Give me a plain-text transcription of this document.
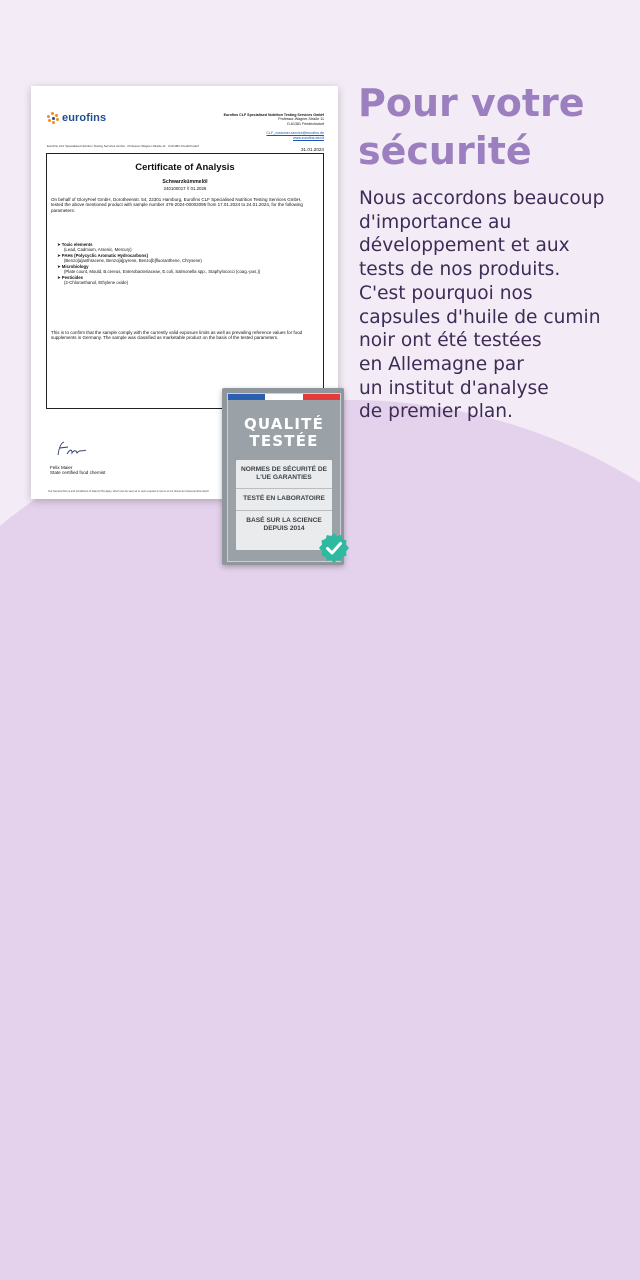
eurofins	Eurofins CLF Specialised Nutrition Testing Services GmbH
Professor-Wagner-Straße 11
D-61381 Friedrichsdorf
CLF_customer-service@eurofins.de
www.eurofins.de/clf
Eurofins CLF Specialised Nutrition Testing Services GmbH · Professor-Wagner-Straße 11 · D-61381 Friedrichsdorf
31.01.2024
Certificate of Analysis
Schwarzkümmelöl
240100017 // 01.2026
On behalf of GloryFeel GmbH, Dorotheenstr. 54, 22301 Hamburg, Eurofins CLF Specialised Nutrition Testing Services GmbH, tested the above mentioned product with sample number 476-2024-00002095 from 17.01.2024 to 24.01.2024, for the following parameters:
➤ Toxic elements
(Lead, Cadmium, Arsenic, Mercury)
➤ PAHs (Polycyclic Aromatic Hydrocarbons)
(Benzo[a]anthracene, Benzo[a]pyrene, Benzo[b]fluoranthene, Chrysene)
➤ Microbiology
(Plate count, Mould, B.cereus, Enterobacteriaceae, E.coli, Salmonella spp., Staphylococci (coag.-pos.))
➤ Pesticides
(2-Chloroethanol, Ethylene oxide)
This is to confirm that the sample comply with the currently valid exposure limits as well as prevailing reference values for food supplements in Germany. The sample was classified as marketable product on the basis of the tested parameters.
Felix Maier
State certified food chemist
Our General Terms and Conditions of Sale (GTS) apply, which can be seen at or upon request in terms of our document www.eurofins.de/clf
Pour votre
sécurité
Nous accordons beaucoup
d'importance au
développement et aux
tests de nos produits.
C'est pourquoi nos
capsules d'huile de cumin
noir ont été testées
en Allemagne par
un institut d'analyse
de premier plan.
QUALITÉ
TESTÉE
NORMES DE SÉCURITÉ DE L'UE GARANTIES
TESTÉ EN LABORATOIRE
BASÉ SUR LA SCIENCE DEPUIS 2014
